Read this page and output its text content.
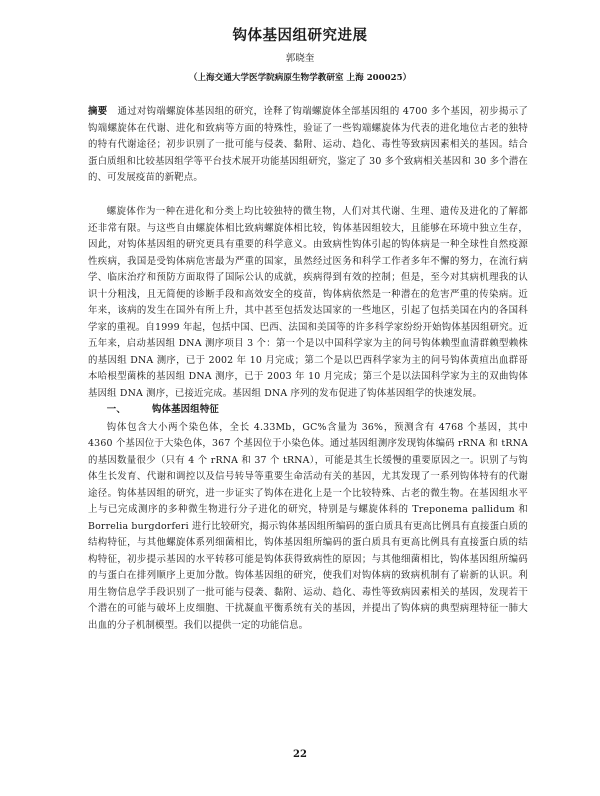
钩体基因组研究进展
郭晓奎
（上海交通大学医学院病原生物学教研室 上海 200025）
摘要 通过对钩端螺旋体基因组的研究，诠释了钩端螺旋体全部基因组的 4700 多个基因，初步揭示了钩端螺旋体在代谢、进化和致病等方面的特殊性，验证了一些钩端螺旋体为代表的进化地位古老的独特的特有代谢途径；初步识别了一批可能与侵袭、黏附、运动、趋化、毒性等致病因素相关的基因。结合蛋白质组和比较基因组学等平台技术展开功能基因组研究，鉴定了 30 多个致病相关基因和 30 多个潜在的、可发展疫苗的新靶点。

螺旋体作为一种在进化和分类上均比较独特的微生物，人们对其代谢、生理、遗传及进化的了解都还非常有限。与这些自由螺旋体相比致病螺旋体相比较，钩体基因组较大，且能够在环境中独立生存，因此，对钩体基因组的研究更具有重要的科学意义。由致病性钩体引起的钩体病是一种全球性自然疫源性疾病，我国是受钩体病危害最为严重的国家，虽然经过医务和科学工作者多年不懈的努力，在流行病学、临床治疗和预防方面取得了国际公认的成就，疾病得到有效的控制；但是，至今对其病机理我的认识十分粗浅，且无简便的诊断手段和高效安全的疫苗，钩体病依然是一种潜在的危害严重的传染病。近年来，该病的发生在国外有所上升，其中甚至包括发达国家的一些地区，引起了包括美国在内的各国科学家的重视。自1999 年起，包括中国、巴西、法国和美国等的许多科学家纷纷开始钩体基因组研究。近五年来，启动基因组 DNA 测序项目 3 个：第一个是以中国科学家为主的问号钩体赖型血清群赖型赖株的基因组 DNA 测序，已于 2002 年 10 月完成；第二个是以巴西科学家为主的问号钩体黄疸出血群哥本哈根型菌株的基因组 DNA 测序，已于 2003 年 10 月完成；第三个是以法国科学家为主的双曲钩体基因组 DNA 测序，已接近完成。基因组 DNA 序列的发布促进了钩体基因组学的快速发展。

一、	钩体基因组特征

钩体包含大小两个染色体，全长 4.33Mb，GC%含量为 36%，预测含有 4768 个基因，其中 4360 个基因位于大染色体，367 个基因位于小染色体。通过基因组测序发现钩体编码 rRNA 和 tRNA 的基因数量很少（只有 4 个 rRNA 和 37 个 tRNA），可能是其生长缓慢的重要原因之一。识别了与钩体生长发育、代谢和调控以及信号转导等重要生命活动有关的基因，尤其发现了一系列钩体特有的代谢途径。钩体基因组的研究，进一步证实了钩体在进化上是一个比较特殊、古老的微生物。在基因组水平上与已完成测序的多种微生物进行分子进化的研究，特别是与螺旋体科的 Treponema pallidum 和 Borrelia burgdorferi 进行比较研究，揭示钩体基因组所编码的蛋白质具有更高比例具有直接蛋白质的结构特征，与其他螺旋体系列细菌相比，钩体基因组所编码的蛋白质具有更高比例具有直接蛋白质的结构特征，初步提示基因的水平转移可能是钩体获得致病性的原因；与其他细菌相比，钩体基因组所编码的与蛋白在排列顺序上更加分散。钩体基因组的研究，使我们对钩体病的致病机制有了崭新的认识。利用生物信息学手段识别了一批可能与侵袭、黏附、运动、趋化、毒性等致病因素相关的基因，发现若干个潜在的可能与破坏上皮细胞、干扰凝血平衡系统有关的基因，并提出了钩体病的典型病理特征一肺大出血的分子机制模型。我们以提供一定的功能信息。

22
